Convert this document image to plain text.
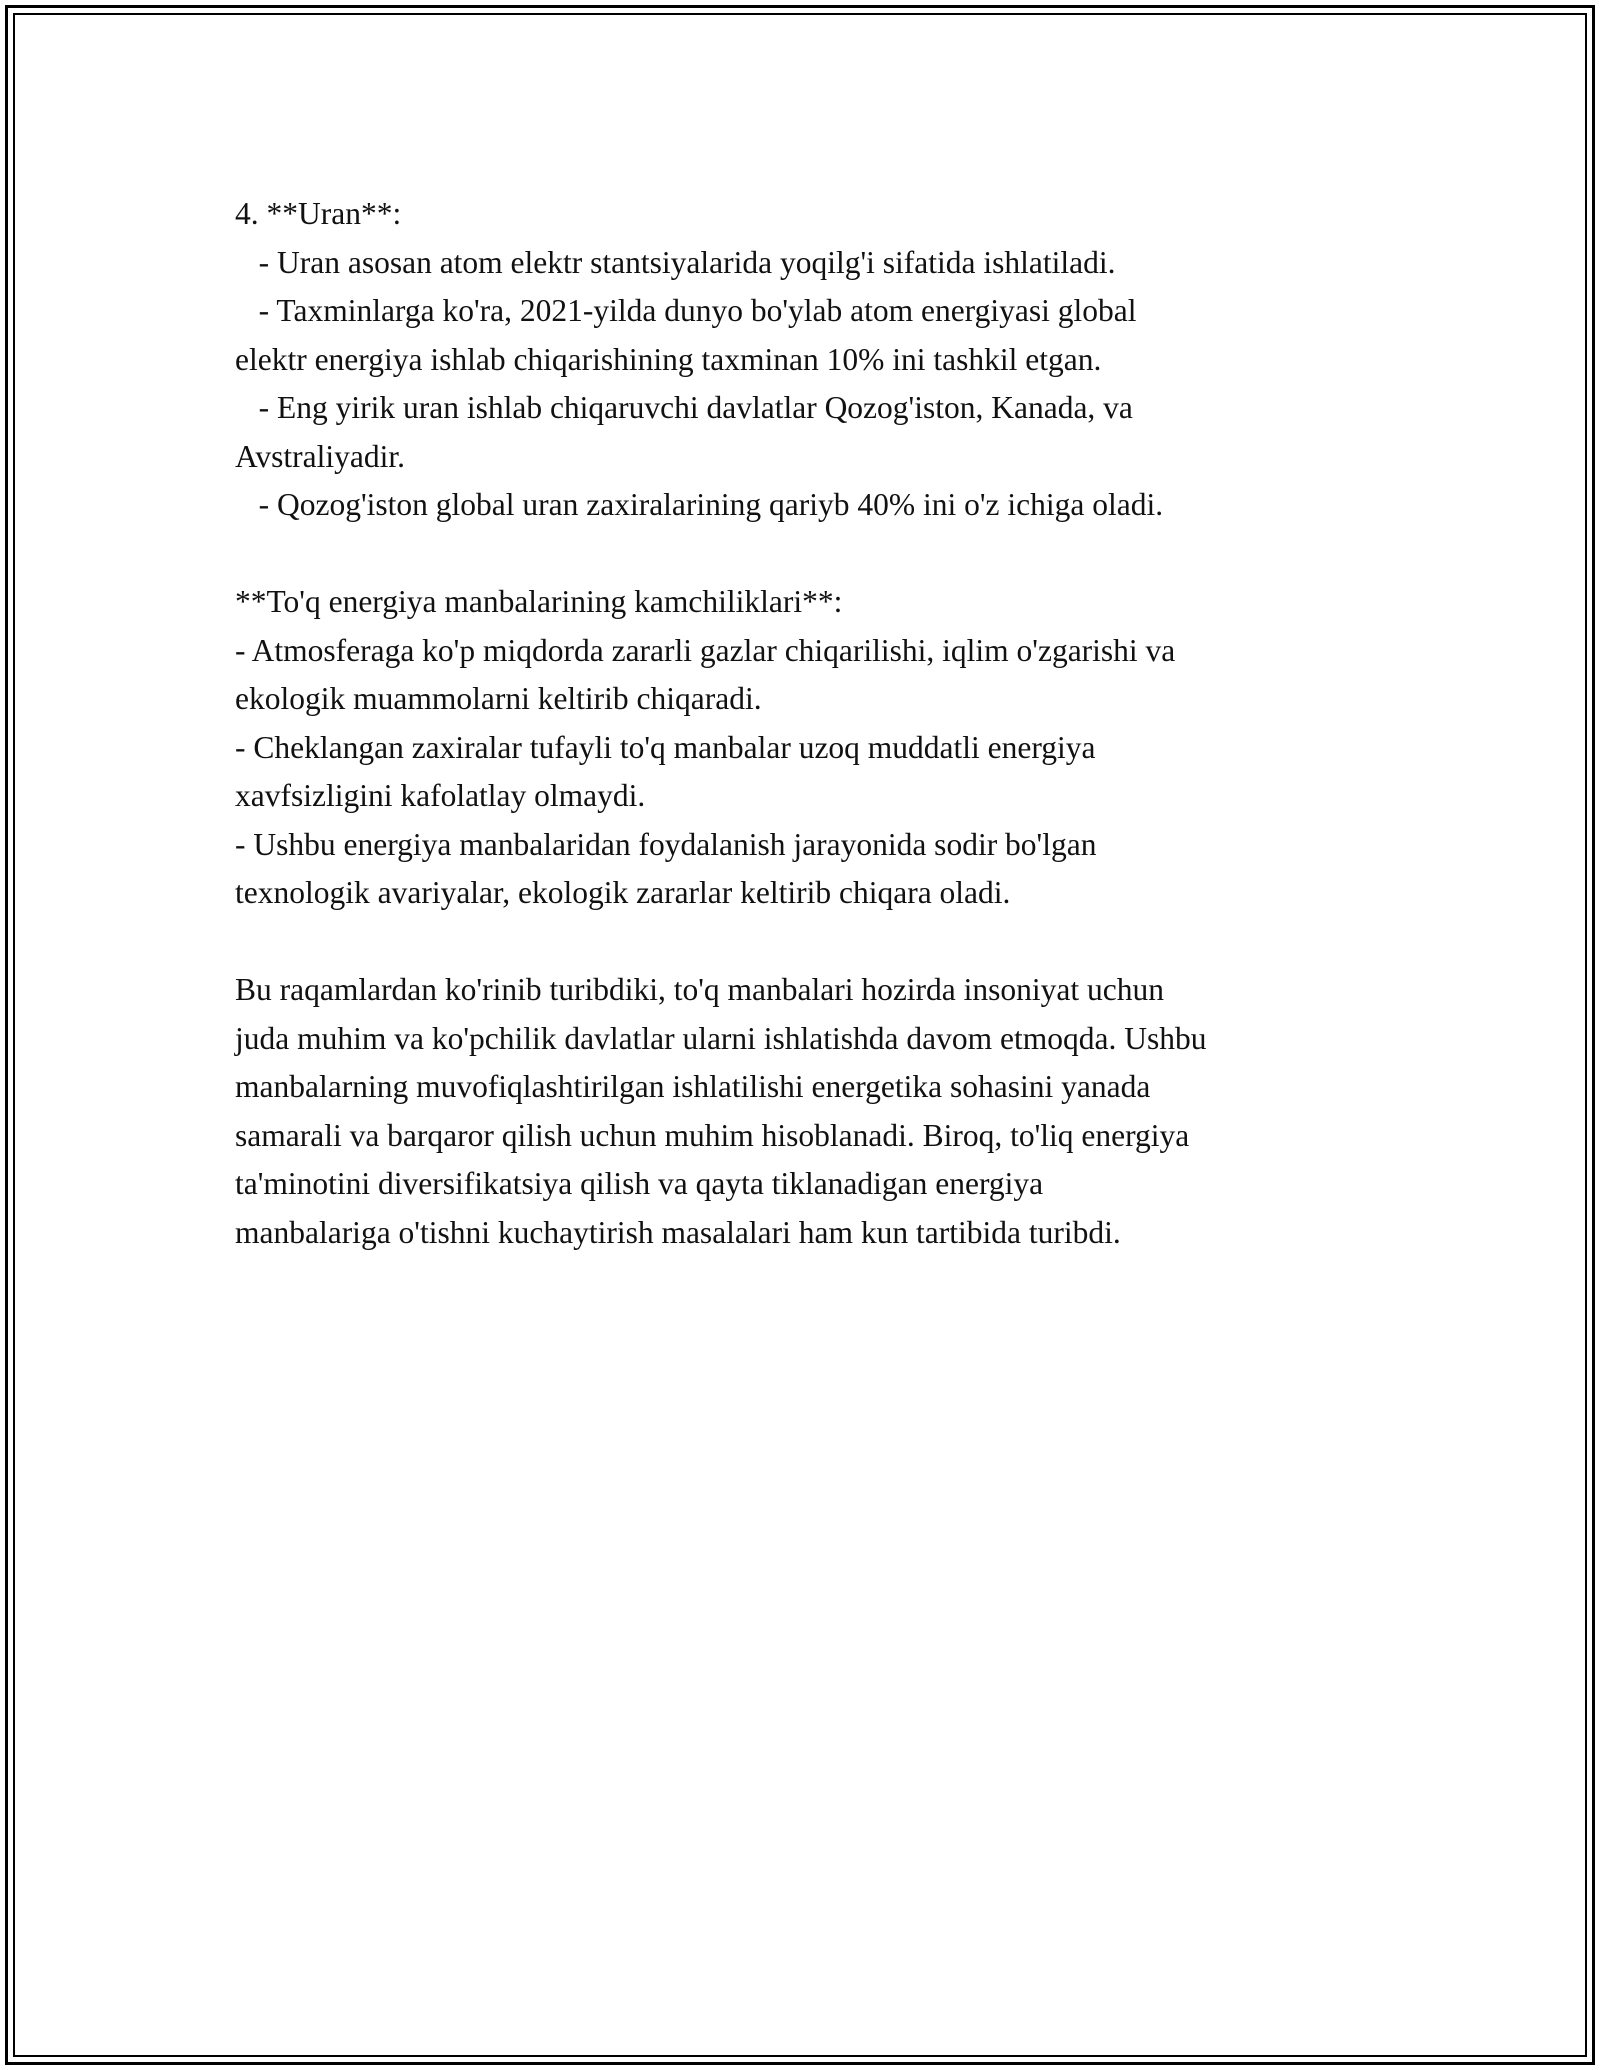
4. **Uran**:
- Uran asosan atom elektr stantsiyalarida yoqilg'i sifatida ishlatiladi.
- Taxminlarga ko'ra, 2021-yilda dunyo bo'ylab atom energiyasi global
elektr energiya ishlab chiqarishining taxminan 10% ini tashkil etgan.
- Eng yirik uran ishlab chiqaruvchi davlatlar Qozog'iston, Kanada, va
Avstraliyadir.
- Qozog'iston global uran zaxiralarining qariyb 40% ini o'z ichiga oladi.
**To'q energiya manbalarining kamchiliklari**:
- Atmosferaga ko'p miqdorda zararli gazlar chiqarilishi, iqlim o'zgarishi va
ekologik muammolarni keltirib chiqaradi.
- Cheklangan zaxiralar tufayli to'q manbalar uzoq muddatli energiya
xavfsizligini kafolatlay olmaydi.
- Ushbu energiya manbalaridan foydalanish jarayonida sodir bo'lgan
texnologik avariyalar, ekologik zararlar keltirib chiqara oladi.
Bu raqamlardan ko'rinib turibdiki, to'q manbalari hozirda insoniyat uchun
juda muhim va ko'pchilik davlatlar ularni ishlatishda davom etmoqda. Ushbu
manbalarning muvofiqlashtirilgan ishlatilishi energetika sohasini yanada
samarali va barqaror qilish uchun muhim hisoblanadi. Biroq, to'liq energiya
ta'minotini diversifikatsiya qilish va qayta tiklanadigan energiya
manbalariga o'tishni kuchaytirish masalalari ham kun tartibida turibdi.
